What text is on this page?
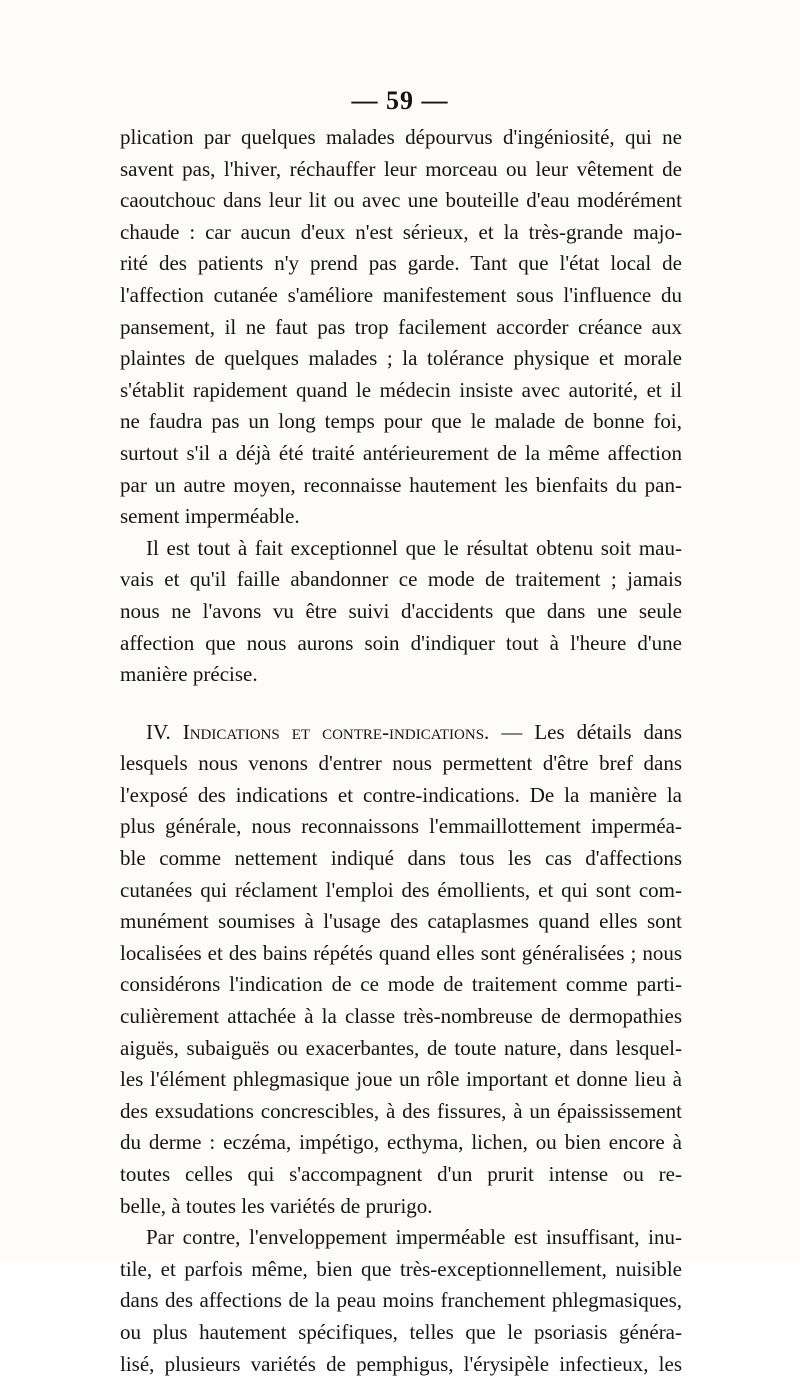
— 59 —

plication par quelques malades dépourvus d'ingéniosité, qui ne

savent pas, l'hiver, réchauffer leur morceau ou leur vêtement de

caoutchouc dans leur lit ou avec une bouteille d'eau modérément

chaude : car aucun d'eux n'est sérieux, et la très-grande majo-

rité des patients n'y prend pas garde. Tant que l'état local de

l'affection cutanée s'améliore manifestement sous l'influence du

pansement, il ne faut pas trop facilement accorder créance aux

plaintes de quelques malades ; la tolérance physique et morale

s'établit rapidement quand le médecin insiste avec autorité, et il

ne faudra pas un long temps pour que le malade de bonne foi,

surtout s'il a déjà été traité antérieurement de la même affection

par un autre moyen, reconnaisse hautement les bienfaits du pan-

sement imperméable.

Il est tout à fait exceptionnel que le résultat obtenu soit mau-

vais et qu'il faille abandonner ce mode de traitement ; jamais

nous ne l'avons vu être suivi d'accidents que dans une seule

affection que nous aurons soin d'indiquer tout à l'heure d'une

manière précise.

IV. Indications et contre-indications. — Les détails dans

lesquels nous venons d'entrer nous permettent d'être bref dans

l'exposé des indications et contre-indications. De la manière la

plus générale, nous reconnaissons l'emmaillottement imperméa-

ble comme nettement indiqué dans tous les cas d'affections

cutanées qui réclament l'emploi des émollients, et qui sont com-

munément soumises à l'usage des cataplasmes quand elles sont

localisées et des bains répétés quand elles sont généralisées ; nous

considérons l'indication de ce mode de traitement comme parti-

culièrement attachée à la classe très-nombreuse de dermopathies

aiguës, subaiguës ou exacerbantes, de toute nature, dans lesquel-

les l'élément phlegmasique joue un rôle important et donne lieu à

des exsudations concrescibles, à des fissures, à un épaississement

du derme : eczéma, impétigo, ecthyma, lichen, ou bien encore à

toutes celles qui s'accompagnent d'un prurit intense ou re-

belle, à toutes les variétés de prurigo.

Par contre, l'enveloppement imperméable est insuffisant, inu-

tile, et parfois même, bien que très-exceptionnellement, nuisible

dans des affections de la peau moins franchement phlegmasiques,

ou plus hautement spécifiques, telles que le psoriasis généra-

lisé, plusieurs variétés de pemphigus, l'érysipèle infectieux, les
